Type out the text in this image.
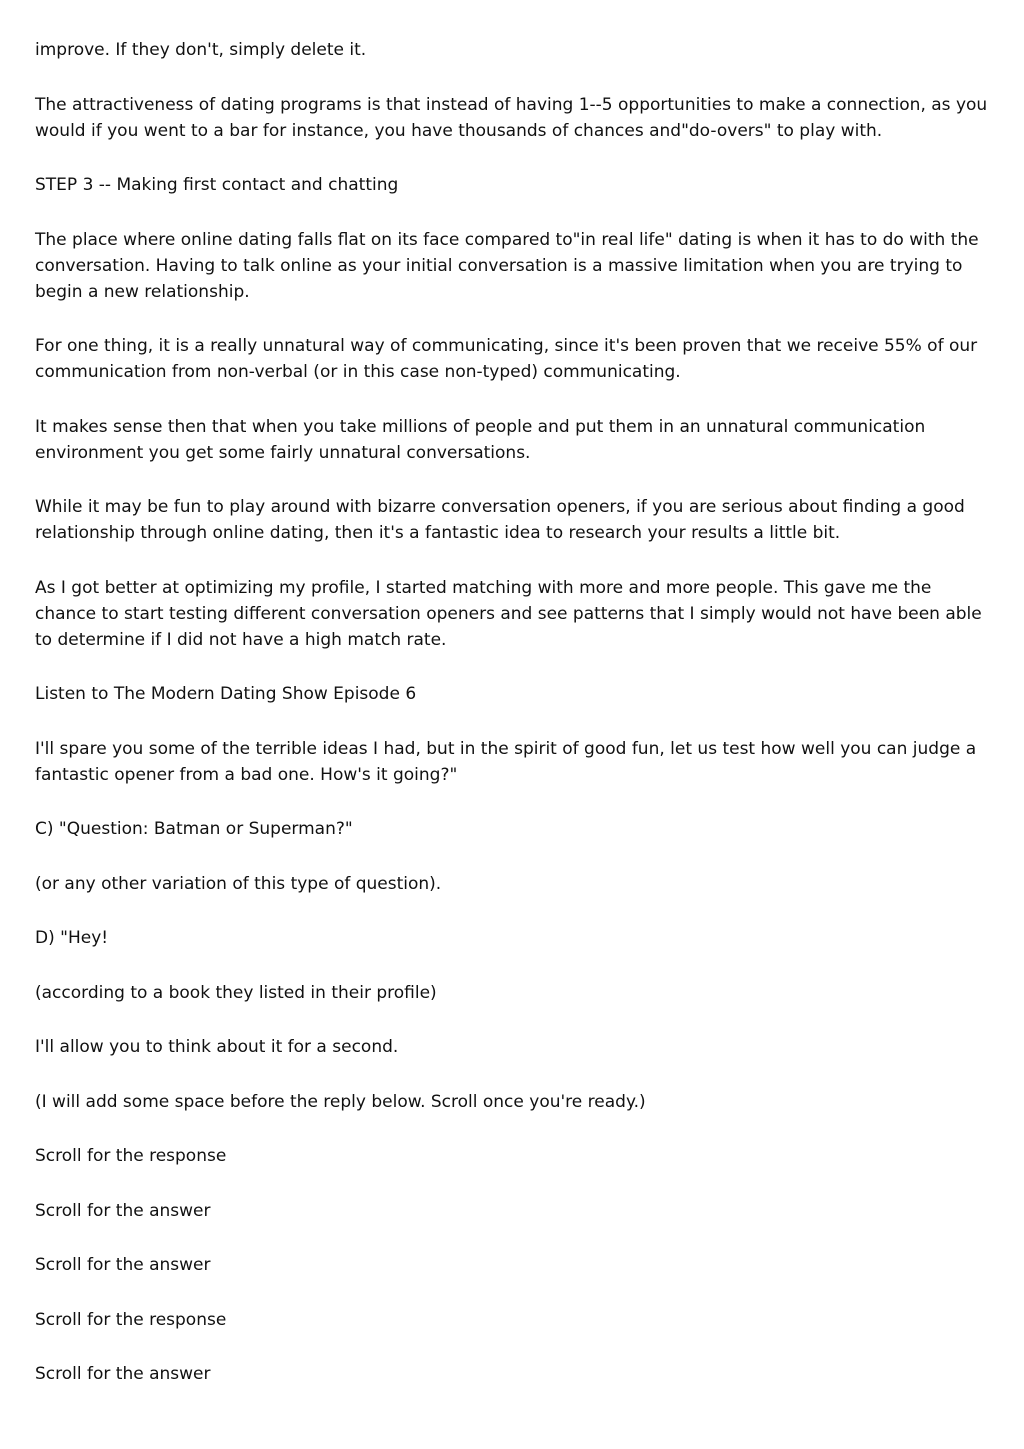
improve. If they don't, simply delete it.

The attractiveness of dating programs is that instead of having 1--5 opportunities to make a connection, as you would if you went to a bar for instance, you have thousands of chances and"do-overs" to play with.

STEP 3 -- Making first contact and chatting

The place where online dating falls flat on its face compared to"in real life" dating is when it has to do with the conversation. Having to talk online as your initial conversation is a massive limitation when you are trying to begin a new relationship.

For one thing, it is a really unnatural way of communicating, since it's been proven that we receive 55% of our communication from non-verbal (or in this case non-typed) communicating.

It makes sense then that when you take millions of people and put them in an unnatural communication environment you get some fairly unnatural conversations.

While it may be fun to play around with bizarre conversation openers, if you are serious about finding a good relationship through online dating, then it's a fantastic idea to research your results a little bit.

As I got better at optimizing my profile, I started matching with more and more people. This gave me the chance to start testing different conversation openers and see patterns that I simply would not have been able to determine if I did not have a high match rate.

Listen to The Modern Dating Show Episode 6

I'll spare you some of the terrible ideas I had, but in the spirit of good fun, let us test how well you can judge a fantastic opener from a bad one. How's it going?"

C) "Question: Batman or Superman?"

(or any other variation of this type of question).

D) "Hey!

(according to a book they listed in their profile)

I'll allow you to think about it for a second.

(I will add some space before the reply below. Scroll once you're ready.)

Scroll for the response

Scroll for the answer

Scroll for the answer

Scroll for the response

Scroll for the answer
